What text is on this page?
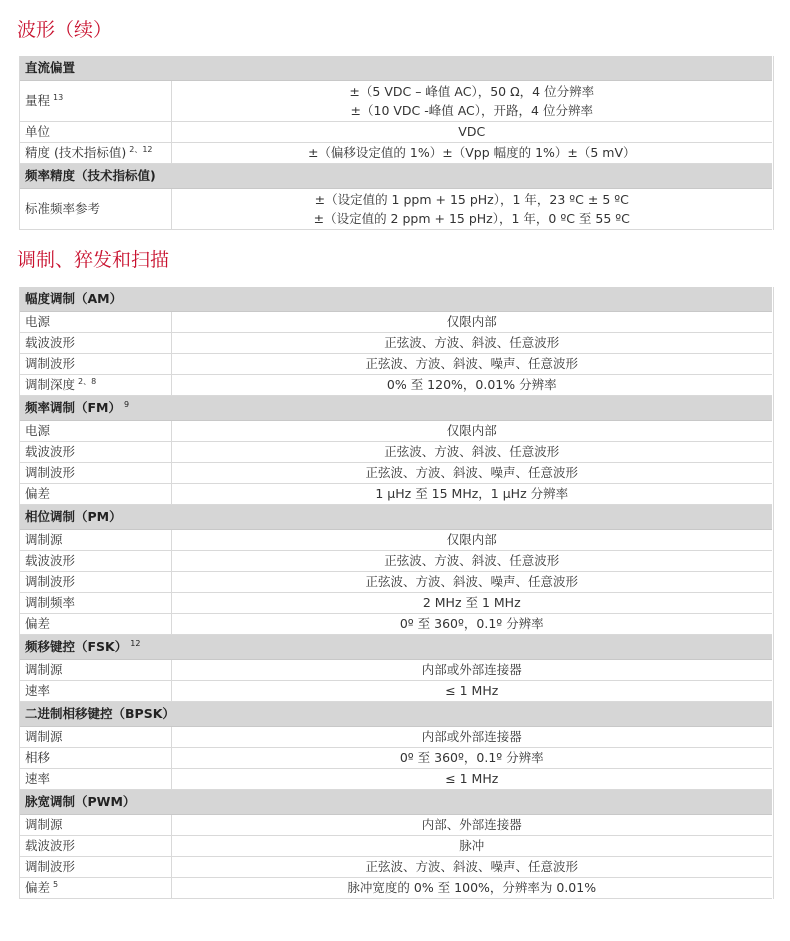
波形（续）
直流偏置	
量程 $^{13}$	±（5 VDC – 峰值 AC），50 Ω，4 位分辨率
±（10 VDC -峰值 AC），开路，4 位分辨率

单位	VDC
精度 (技术指标值) $^{2、12}$	±（偏移设定值的 1%）±（Vpp 幅度的 1%）±（5 mV）
频率精度（技术指标值)	
标准频率参考	±（设定值的 1 ppm + 15 pHz），1 年，23 ºC ± 5 ºC
±（设定值的 2 ppm + 15 pHz），1 年，0 ºC 至 55 ºC
调制、猝发和扫描
幅度调制（AM）	
电源	仅限内部
载波波形	正弦波、方波、斜波、任意波形
调制波形	正弦波、方波、斜波、噪声、任意波形
调制深度 $^{2、8}$	0% 至 120%，0.01% 分辨率
频率调制（FM） $^9$
电源	仅限内部
载波波形	正弦波、方波、斜波、任意波形
调制波形	正弦波、方波、斜波、噪声、任意波形
偏差	1 μHz 至 15 MHz，1 μHz 分辨率
相位调制（PM）	
调制源	仅限内部
载波波形	正弦波、方波、斜波、任意波形
调制波形	正弦波、方波、斜波、噪声、任意波形
调制频率	2 MHz 至 1 MHz
偏差	0º 至 360º，0.1º 分辨率
频移键控（FSK） $^{12}$
调制源	内部或外部连接器
速率	≤ 1 MHz
二进制相移键控（BPSK）	
调制源	内部或外部连接器
相移	0º 至 360º，0.1º 分辨率
速率	≤ 1 MHz
脉宽调制（PWM）	
调制源	内部、外部连接器
载波波形	脉冲
调制波形	正弦波、方波、斜波、噪声、任意波形
偏差 $^5$	脉冲宽度的 0% 至 100%，分辨率为 0.01%
